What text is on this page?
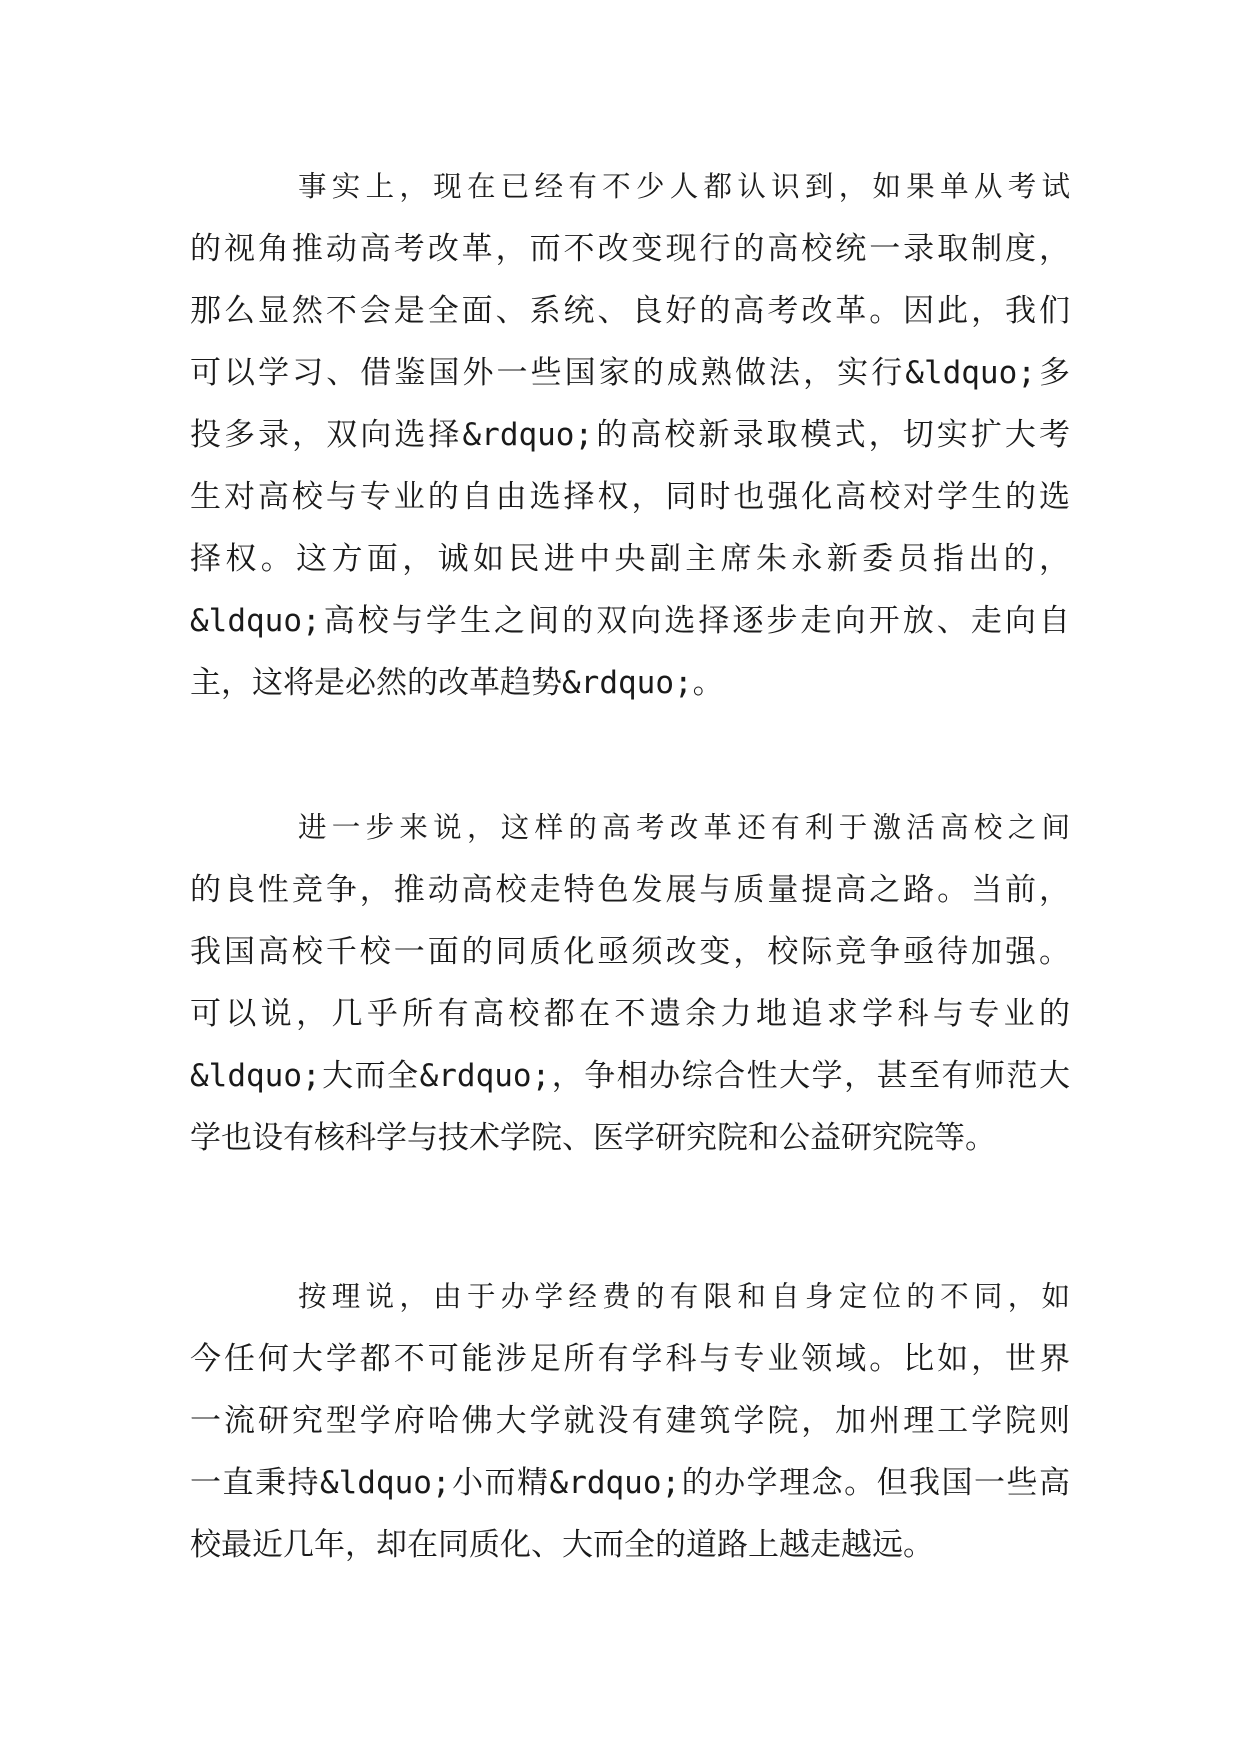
事实上，现在已经有不少人都认识到，如果单从考试
的视角推动高考改革，而不改变现行的高校统一录取制度，
那么显然不会是全面、系统、良好的高考改革。因此，我们
可以学习、借鉴国外一些国家的成熟做法，实行&ldquo;多
投多录，双向选择&rdquo;的高校新录取模式，切实扩大考
生对高校与专业的自由选择权，同时也强化高校对学生的选
择权。这方面，诚如民进中央副主席朱永新委员指出的，
&ldquo;高校与学生之间的双向选择逐步走向开放、走向自
主，这将是必然的改革趋势&rdquo;。
进一步来说，这样的高考改革还有利于激活高校之间
的良性竞争，推动高校走特色发展与质量提高之路。当前，
我国高校千校一面的同质化亟须改变，校际竞争亟待加强。
可以说，几乎所有高校都在不遗余力地追求学科与专业的
&ldquo;大而全&rdquo;，争相办综合性大学，甚至有师范大
学也设有核科学与技术学院、医学研究院和公益研究院等。
按理说，由于办学经费的有限和自身定位的不同，如
今任何大学都不可能涉足所有学科与专业领域。比如，世界
一流研究型学府哈佛大学就没有建筑学院，加州理工学院则
一直秉持&ldquo;小而精&rdquo;的办学理念。但我国一些高
校最近几年，却在同质化、大而全的道路上越走越远。
